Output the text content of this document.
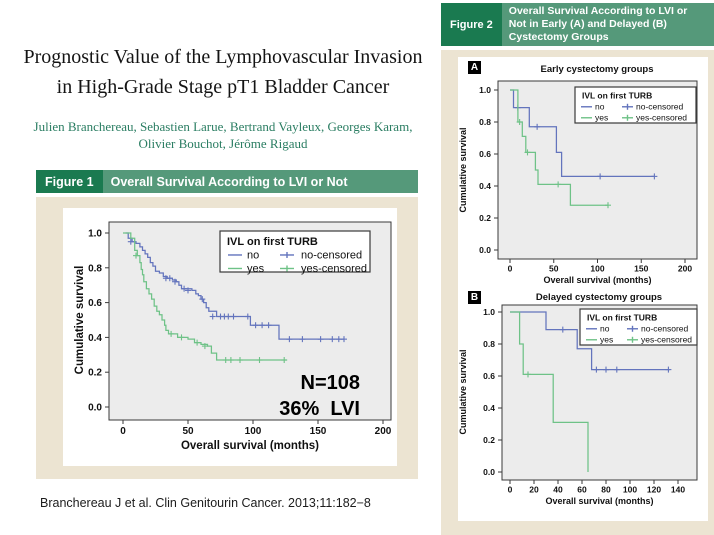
Prognostic Value of the Lymphovascular Invasion
in High-Grade Stage pT1 Bladder Cancer
Julien Branchereau, Sebastien Larue, Bertrand Vayleux, Georges Karam,
Olivier Bouchot, Jérôme Rigaud
Figure 1	Overall Survival According to LVI or Not
0.0
0.2
0.4
0.6
0.8
1.0
0	50	100	150	200
Overall survival (months)
Cumulative survival
IVL on first TURB
no	no-censored
yes	yes-censored
N=108
36%  LVI
Branchereau J et al. Clin Genitourin Cancer. 2013;11:182−8
Figure 2
Overall Survival According to LVI or Not in Early (A) and Delayed (B) Cystectomy Groups
A
0.0
0.2
0.4
0.6
0.8
1.0
0	50	100	150	200
Overall survival (months)
Cumulative survival
Early cystectomy groups
IVL on first TURB
no	no-censored
yes	yes-censored
B
0.0
0.2
0.4
0.6
0.8
1.0
0 20 40 60 80 100 120 140
Overall survival (months)
Cumulative survival
Delayed cystectomy groups
IVL on first TURB
no	no-censored
yes	yes-censored
